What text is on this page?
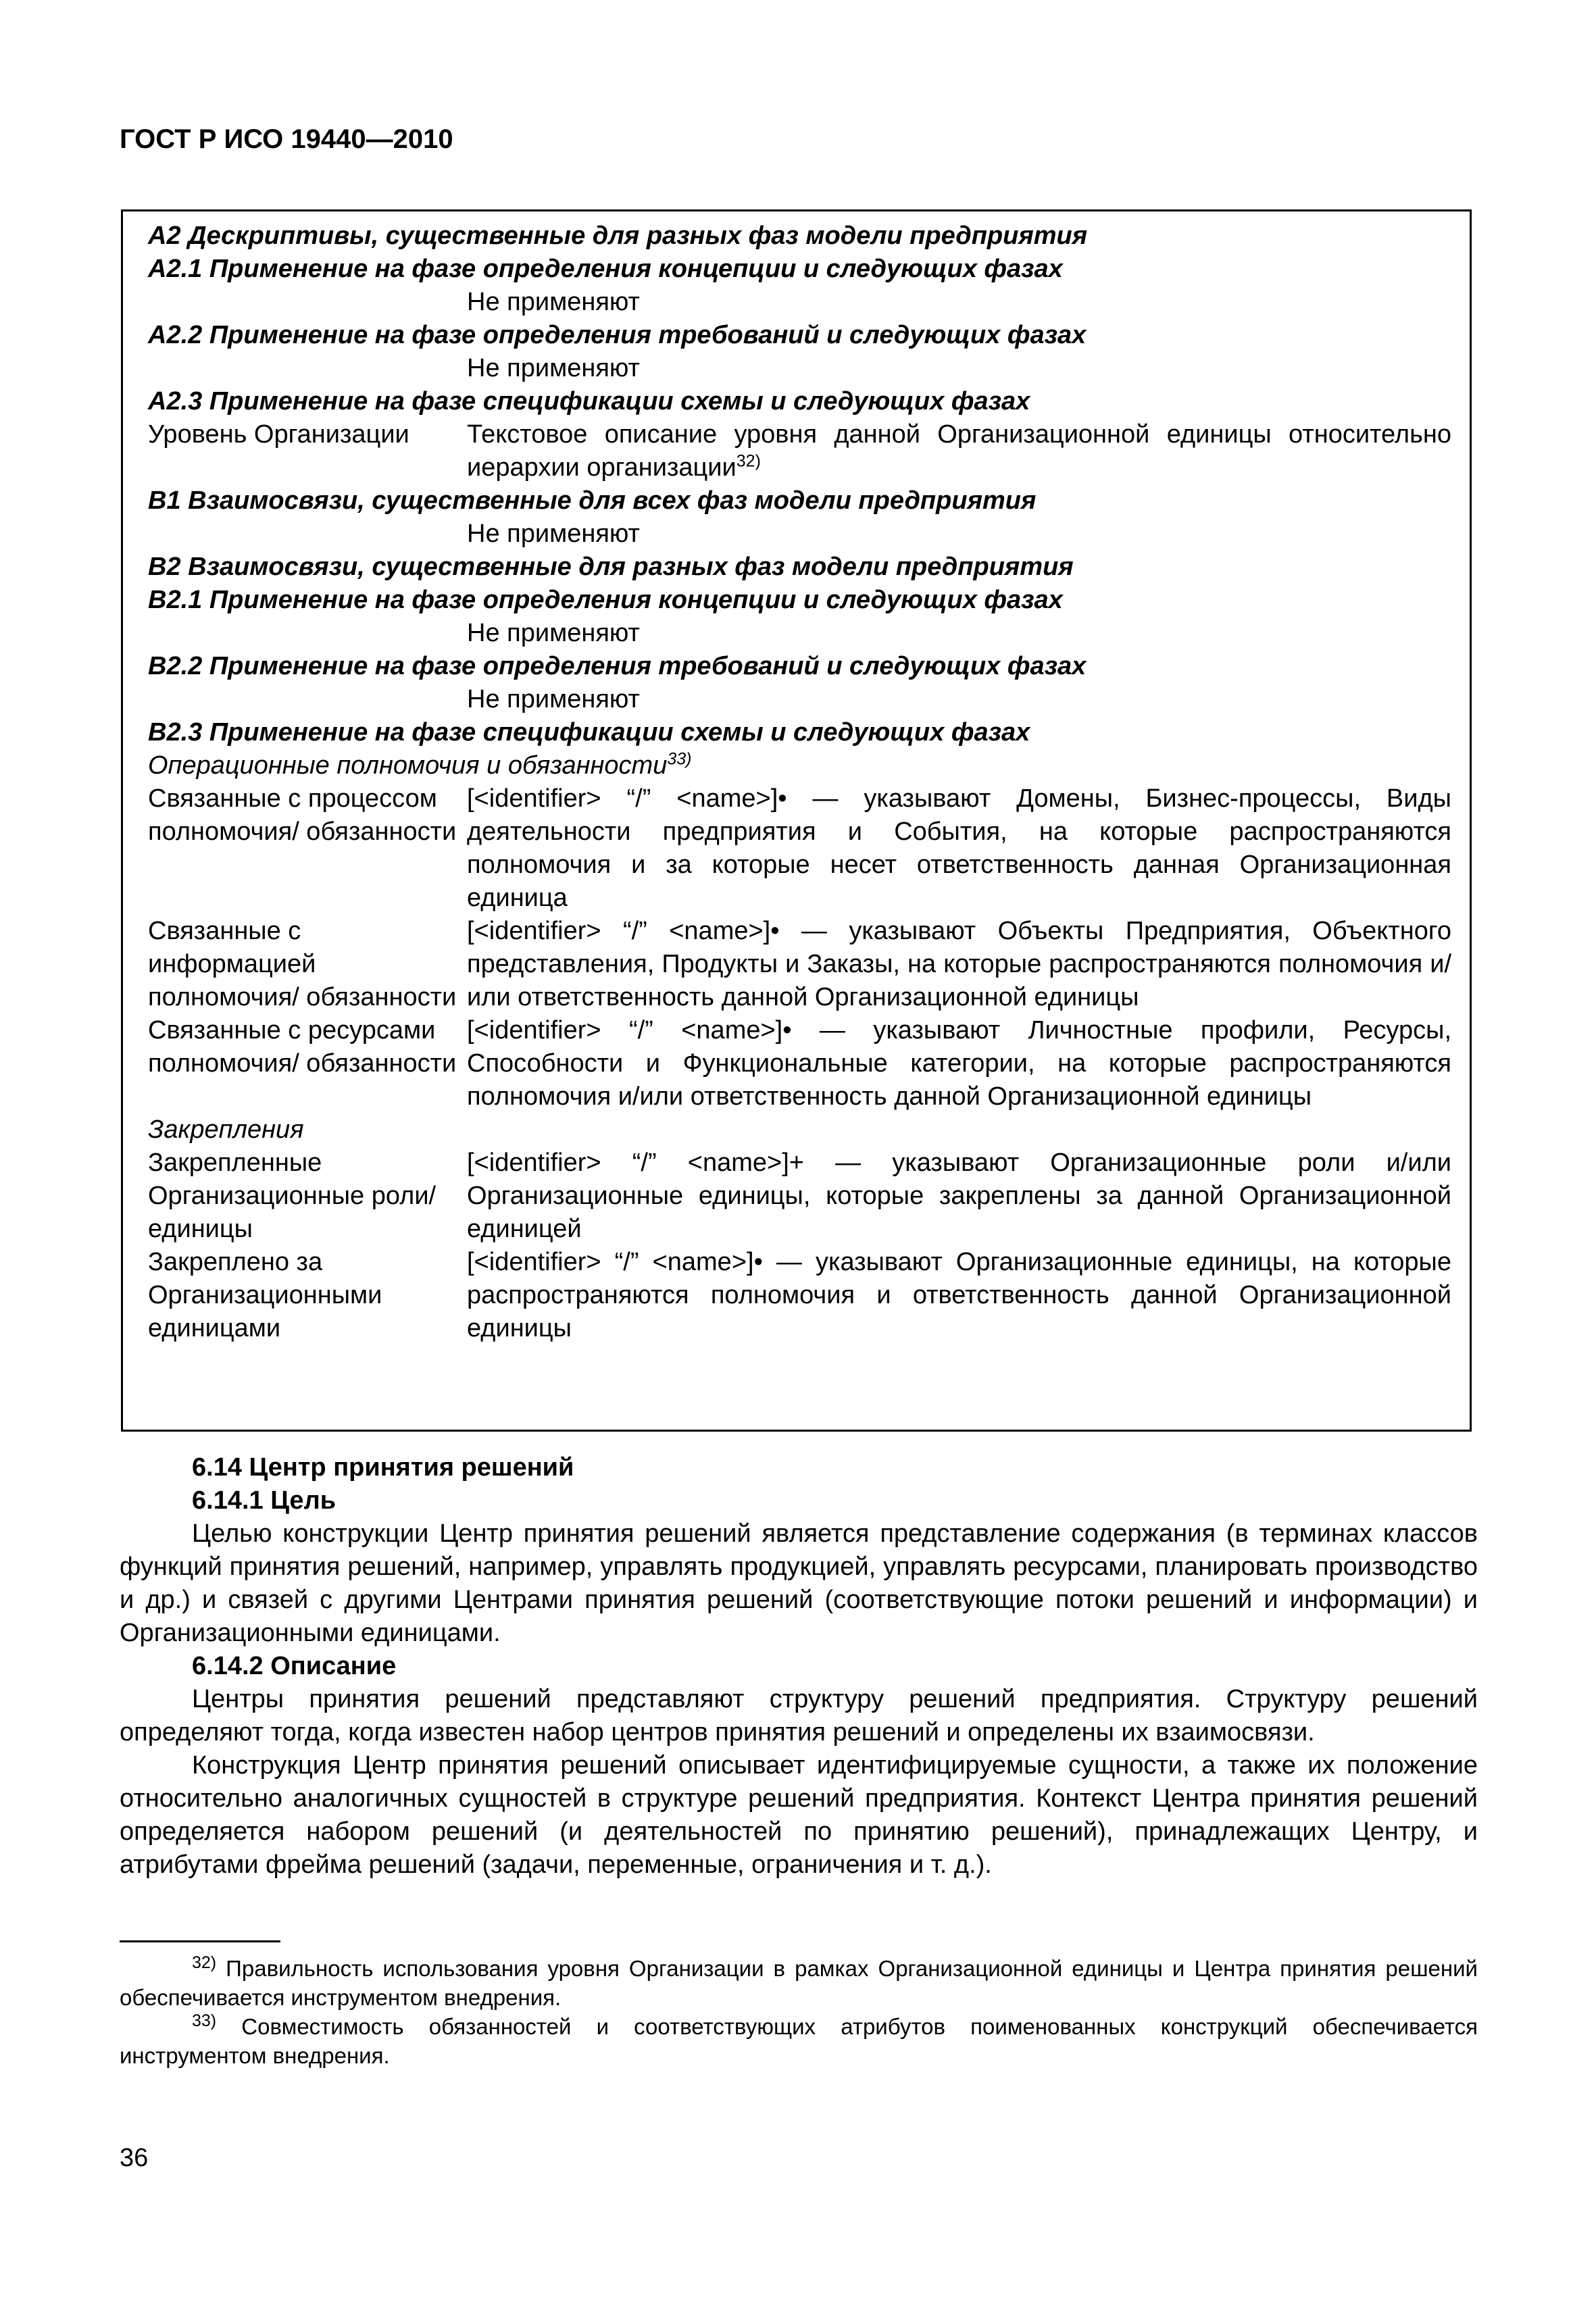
ГОСТ Р ИСО 19440—2010
А2 Дескриптивы, существенные для разных фаз модели предприятия
А2.1 Применение на фазе определения концепции и следующих фазах
Не применяют
А2.2 Применение на фазе определения требований и следующих фазах
Не применяют
А2.3 Применение на фазе спецификации схемы и следующих фазах
Уровень Организации	Текстовое описание уровня данной Организационной единицы относительно иерархии организации$^{32)}$
В1 Взаимосвязи, существенные для всех фаз модели предприятия
Не применяют
В2 Взаимосвязи, существенные для разных фаз модели предприятия
В2.1 Применение на фазе определения концепции и следующих фазах
Не применяют
В2.2 Применение на фазе определения требований и следующих фазах
Не применяют
В2.3 Применение на фазе спецификации схемы и следующих фазах
Операционные полномочия и обязанности$^{33)}$
Связанные с процессом полномочия/ обязанности
[<identifier> “/” <name>]• — указывают Домены, Бизнес-процессы, Виды деятельности предприятия и События, на которые распространяются полномочия и за которые несет ответственность данная Организационная единица
Связанные с информацией полномочия/ обязанности
[<identifier> “/” <name>]• — указывают Объекты Предприятия, Объектного представления, Продукты и Заказы, на которые распространяются полномочия и/или ответственность данной Организационной единицы
Связанные с ресурсами полномочия/ обязанности
[<identifier> “/” <name>]• — указывают Личностные профили, Ресурсы, Способности и Функциональные категории, на которые распространяются полномочия и/или ответственность данной Организационной единицы
Закрепления
Закрепленные Организационные роли/единицы
[<identifier> “/” <name>]+ — указывают Организационные роли и/или Организационные единицы, которые закреплены за данной Организационной единицей
Закреплено за Организационными единицами
[<identifier> “/” <name>]• — указывают Организационные единицы, на которые распространяются полномочия и ответственность данной Организационной единицы

6.14 Центр принятия решений

6.14.1 Цель

Целью конструкции Центр принятия решений является представление содержания (в терминах классов функций принятия решений, например, управлять продукцией, управлять ресурсами, планировать производство и др.) и связей с другими Центрами принятия решений (соответствующие потоки решений и информации) и Организационными единицами.

6.14.2 Описание

Центры принятия решений представляют структуру решений предприятия. Структуру решений определяют тогда, когда известен набор центров принятия решений и определены их взаимосвязи.

Конструкция Центр принятия решений описывает идентифицируемые сущности, а также их положение относительно аналогичных сущностей в структуре решений предприятия. Контекст Центра принятия решений определяется набором решений (и деятельностей по принятию решений), принадлежащих Центру, и атрибутами фрейма решений (задачи, переменные, ограничения и т. д.).

$^{32)}$ Правильность использования уровня Организации в рамках Организационной единицы и Центра принятия решений обеспечивается инструментом внедрения.

$^{33)}$ Совместимость обязанностей и соответствующих атрибутов поименованных конструкций обеспечивается инструментом внедрения.

36
